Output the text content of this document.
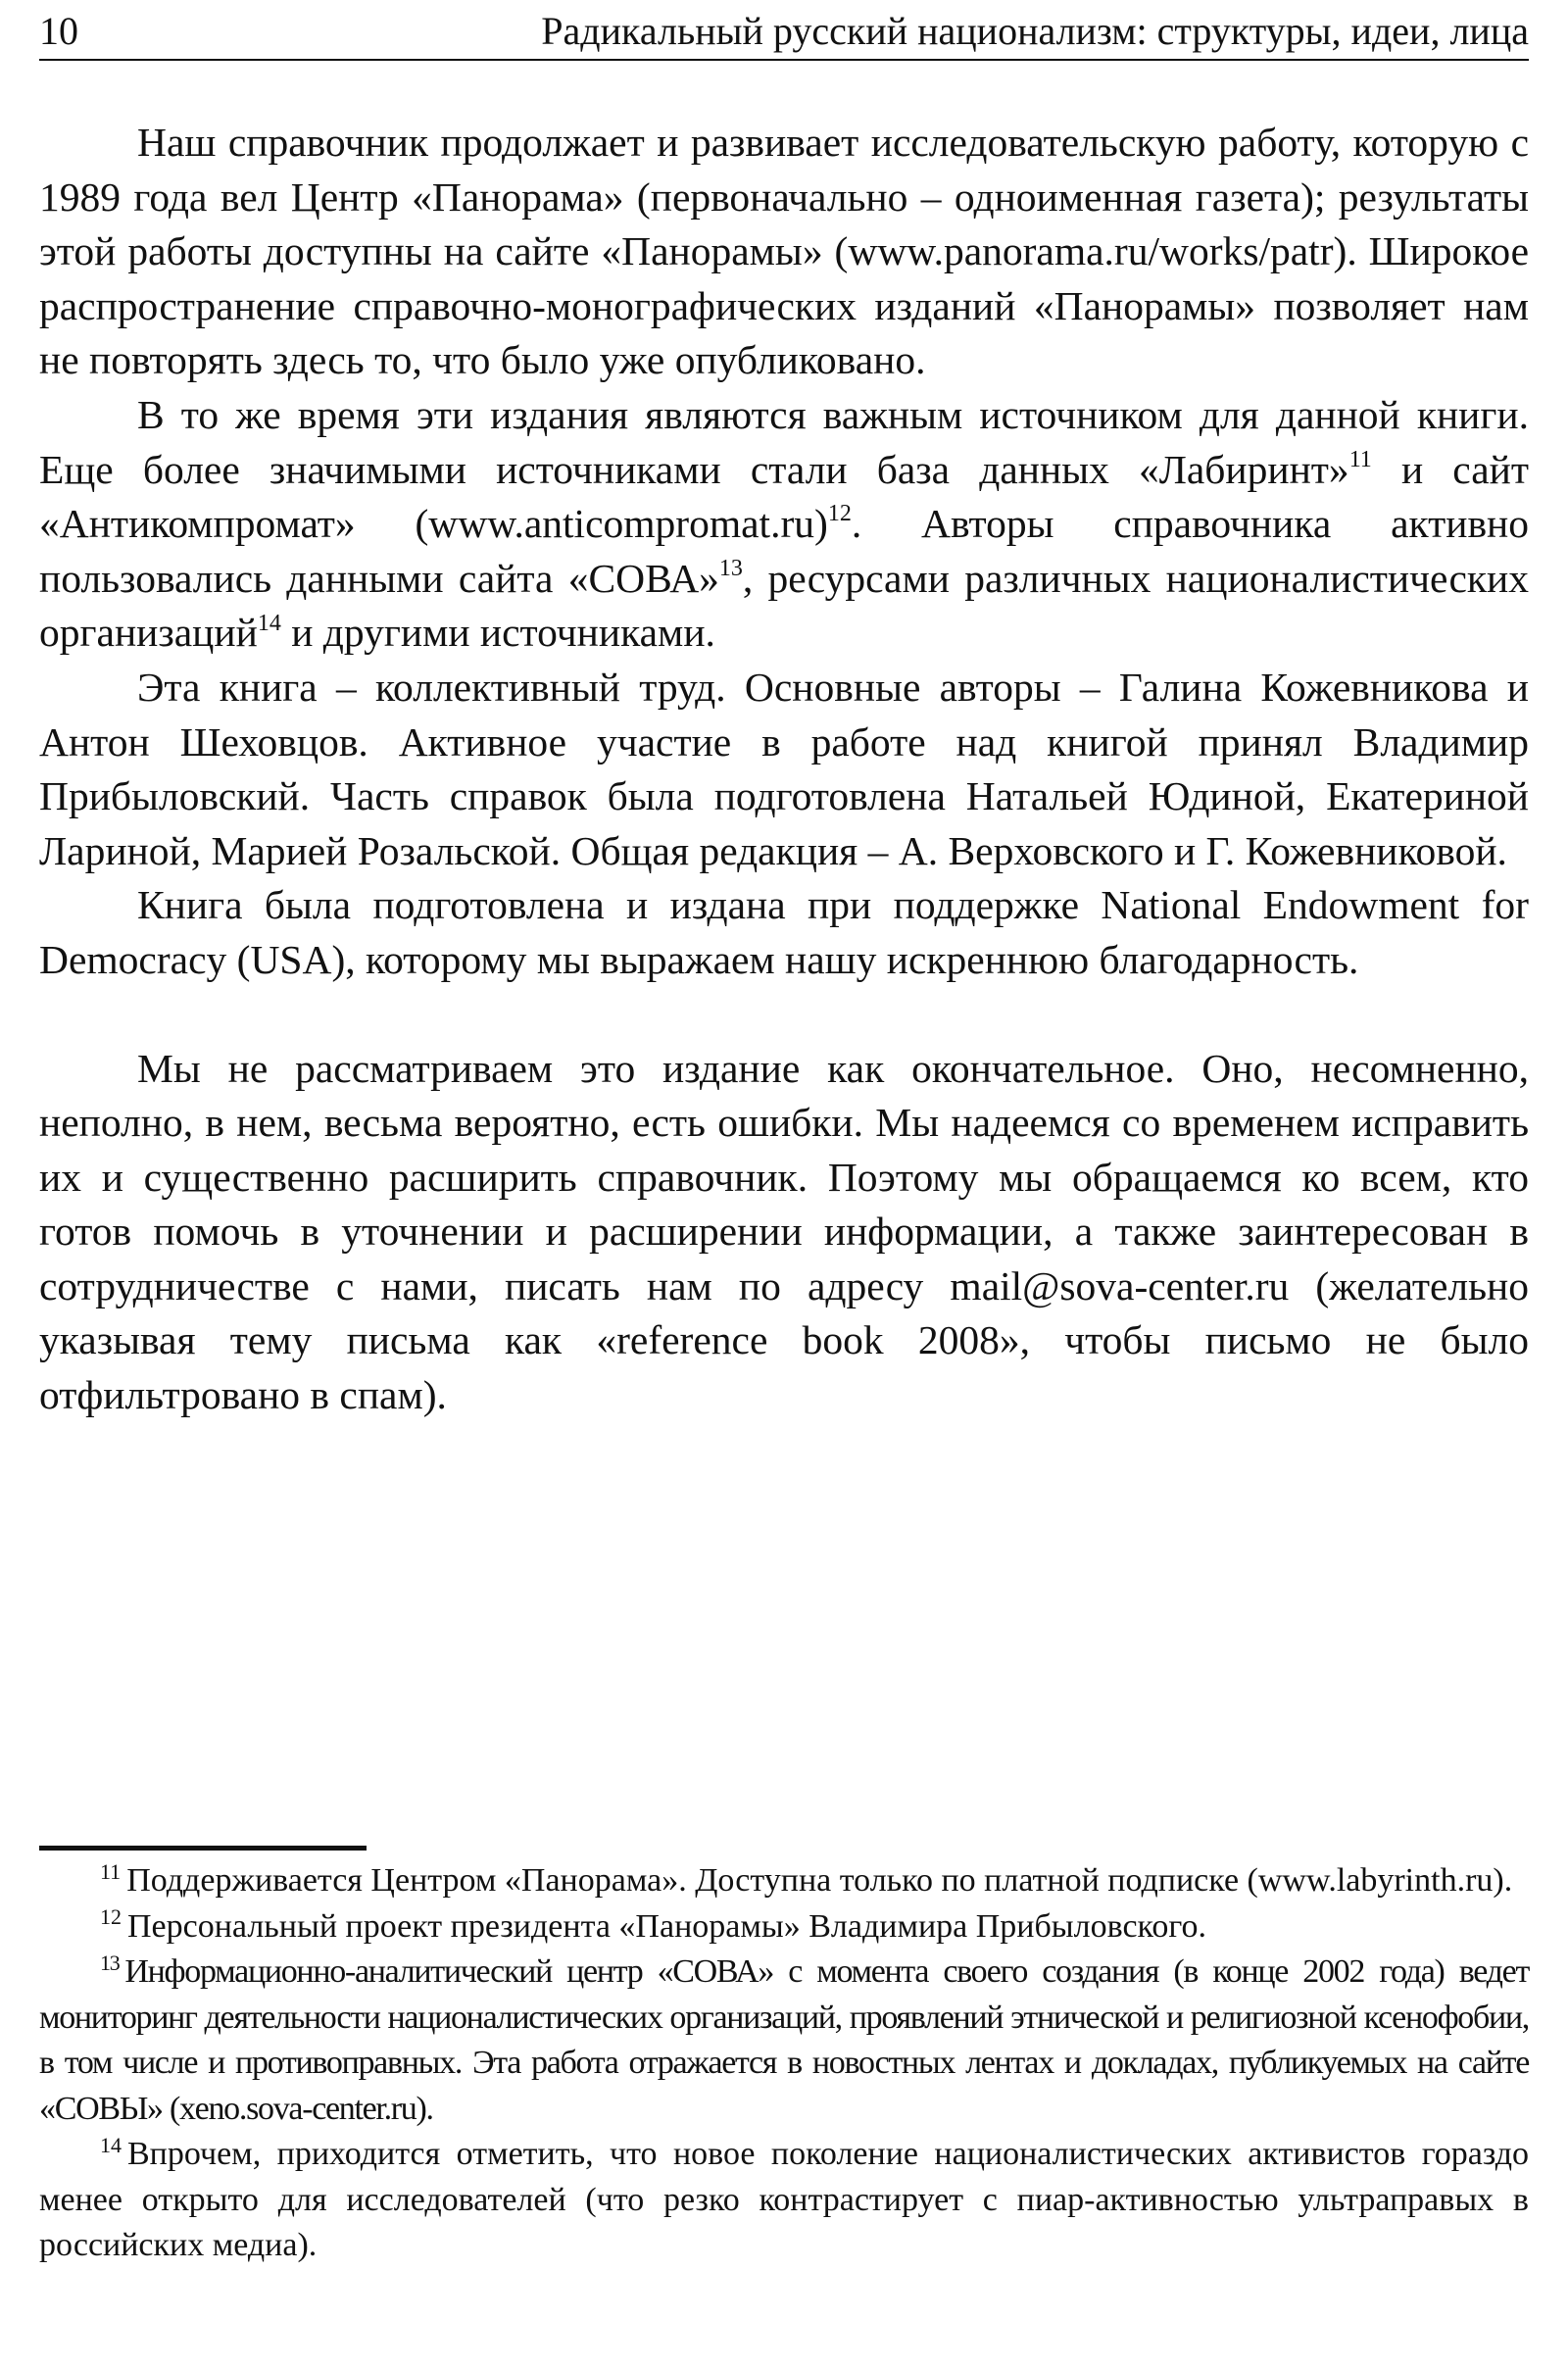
10	Радикальный русский национализм: структуры, идеи, лица

Наш справочник продолжает и развивает исследовательскую работу, которую с 1989 года вел Центр «Панорама» (первоначально – одноименная газета); результаты этой работы доступны на сайте «Панорамы» (www.panorama.ru/works/patr). Широкое распространение справочно-монографических изданий «Панорамы» позволяет нам не повторять здесь то, что было уже опубликовано.

В то же время эти издания являются важным источником для данной книги. Еще более значимыми источниками стали база данных «Лабиринт»$^{11}$ и сайт «Антикомпромат» (www.anticompromat.ru)$^{12}$. Авторы справочника активно пользовались данными сайта «СОВА»$^{13}$, ресурсами различных националистических организаций$^{14}$ и другими источниками.

Эта книга – коллективный труд. Основные авторы – Галина Кожевникова и Антон Шеховцов. Активное участие в работе над книгой принял Владимир Прибыловский. Часть справок была подготовлена Натальей Юдиной, Екатериной Лариной, Марией Розальской. Общая редакция – А. Верховского и Г. Кожевниковой.

Книга была подготовлена и издана при поддержке National Endowment for Democracy (USA), которому мы выражаем нашу искреннюю благодарность.

Мы не рассматриваем это издание как окончательное. Оно, несомненно, неполно, в нем, весьма вероятно, есть ошибки. Мы надеемся со временем исправить их и существенно расширить справочник. Поэтому мы обращаемся ко всем, кто готов помочь в уточнении и расширении информации, а также заинтересован в сотрудничестве с нами, писать нам по адресу mail@sova-center.ru (желательно указывая тему письма как «reference book 2008», чтобы письмо не было отфильтровано в спам).

$^{11}$ Поддерживается Центром «Панорама». Доступна только по платной подписке (www.labyrinth.ru).

$^{12}$ Персональный проект президента «Панорамы» Владимира Прибыловского.

$^{13}$ Информационно-аналитический центр «СОВА» с момента своего создания (в конце 2002 года) ведет мониторинг деятельности националистических организаций, проявлений этнической и религиозной ксенофобии, в том числе и противоправных. Эта работа отражается в новостных лентах и докладах, публикуемых на сайте «СОВЫ» (xeno.sova-center.ru).

$^{14}$ Впрочем, приходится отметить, что новое поколение националистических активистов гораздо менее открыто для исследователей (что резко контрастирует с пиар-активностью ультраправых в российских медиа).
